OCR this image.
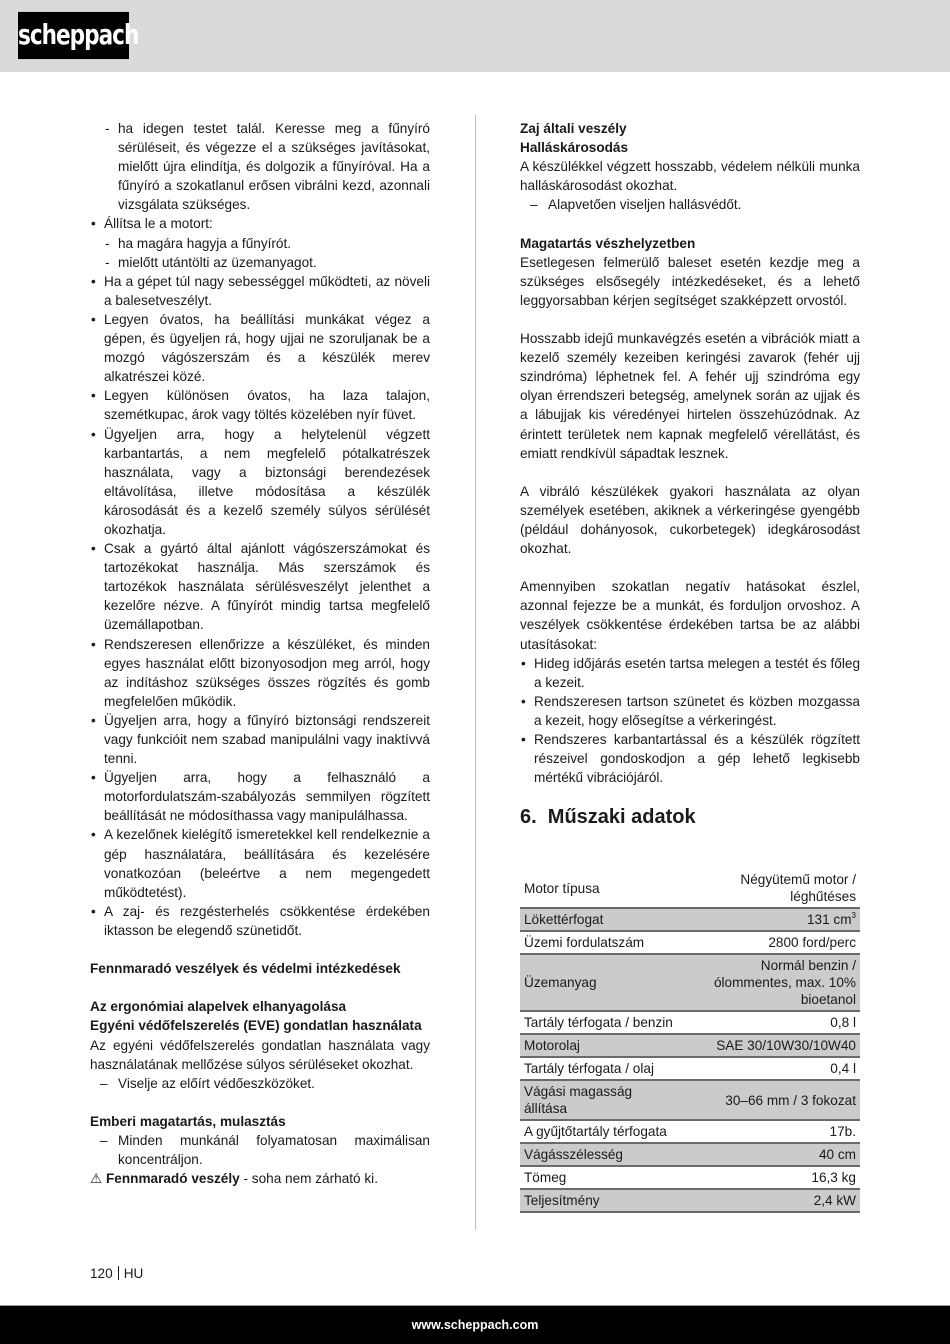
scheppach
- ha idegen testet talál. Keresse meg a fűnyíró sérüléseit, és végezze el a szükséges javításokat, mielőtt újra elindítja, és dolgozik a fűnyíróval. Ha a fűnyíró a szokatlanul erősen vibrálni kezd, azonnali vizsgálata szükséges.
• Állítsa le a motort:
- ha magára hagyja a fűnyírót.
- mielőtt utántölti az üzemanyagot.
• Ha a gépet túl nagy sebességgel működteti, az növeli a balesetveszélyt.
• Legyen óvatos, ha beállítási munkákat végez a gépen, és ügyeljen rá, hogy ujjai ne szoruljanak be a mozgó vágószerszám és a készülék merev alkatrészei közé.
• Legyen különösen óvatos, ha laza talajon, szemétkupac, árok vagy töltés közelében nyír füvet.
• Ügyeljen arra, hogy a helytelenül végzett karbantartás, a nem megfelelő pótalkatrészek használata, vagy a biztonsági berendezések eltávolítása, illetve módosítása a készülék károsodását és a kezelő személy súlyos sérülését okozhatja.
• Csak a gyártó által ajánlott vágószerszámokat és tartozékokat használja. Más szerszámok és tartozékok használata sérülésveszélyt jelenthet a kezelőre nézve. A fűnyírót mindig tartsa megfelelő üzemállapotban.
• Rendszeresen ellenőrizze a készüléket, és minden egyes használat előtt bizonyosodjon meg arról, hogy az indításhoz szükséges összes rögzítés és gomb megfelelően működik.
• Ügyeljen arra, hogy a fűnyíró biztonsági rendszereit vagy funkcióit nem szabad manipulálni vagy inaktívvá tenni.
• Ügyeljen arra, hogy a felhasználó a motorfordulatszám-szabályozás semmilyen rögzített beállítását ne módosíthassa vagy manipulálhassa.
• A kezelőnek kielégítő ismeretekkel kell rendelkeznie a gép használatára, beállítására és kezelésére vonatkozóan (beleértve a nem megengedett működtetést).
• A zaj- és rezgésterhelés csökkentése érdekében iktasson be elegendő szünetidőt.

Fennmaradó veszélyek és védelmi intézkedések

Az ergonómiai alapelvek elhanyagolása

Egyéni védőfelszerelés (EVE) gondatlan használata

Az egyéni védőfelszerelés gondatlan használata vagy használatának mellőzése súlyos sérüléseket okozhat.

– Viselje az előírt védőeszközöket.

Emberi magatartás, mulasztás

– Minden munkánál folyamatosan maximálisan koncentráljon.

⚠ Fennmaradó veszély - soha nem zárható ki.

Zaj általi veszély

Halláskárosodás

A készülékkel végzett hosszabb, védelem nélküli munka halláskárosodást okozhat.

– Alapvetően viseljen hallásvédőt.

Magatartás vészhelyzetben

Esetlegesen felmerülő baleset esetén kezdje meg a szükséges elsősegély intézkedéseket, és a lehető leggyorsabban kérjen segítséget szakképzett orvostól.

Hosszabb idejű munkavégzés esetén a vibrációk miatt a kezelő személy kezeiben keringési zavarok (fehér ujj szindróma) léphetnek fel. A fehér ujj szindróma egy olyan érrendszeri betegség, amelynek során az ujjak és a lábujjak kis véredényei hirtelen összehúzódnak. Az érintett területek nem kapnak megfelelő vérellátást, és emiatt rendkívül sápadtak lesznek.

A vibráló készülékek gyakori használata az olyan személyek esetében, akiknek a vérkeringése gyengébb (például dohányosok, cukorbetegek) idegkárosodást okozhat.

Amennyiben szokatlan negatív hatásokat észlel, azonnal fejezze be a munkát, és forduljon orvoshoz. A veszélyek csökkentése érdekében tartsa be az alábbi utasításokat:

• Hideg időjárás esetén tartsa melegen a testét és főleg a kezeit.
• Rendszeresen tartson szünetet és közben mozgassa a kezeit, hogy elősegítse a vérkeringést.
• Rendszeres karbantartással és a készülék rögzített részeivel gondoskodjon a gép lehető legkisebb mértékű vibrációjáról.
6.  Műszaki adatok
Motor típusa	Négyütemű motor / léghűtéses
Lökettérfogat	131 $cm^3$
Üzemi fordulatszám	2800 ford/perc
Üzemanyag	Normál benzin / ólommentes, max. 10% bioetanol
Tartály térfogata / benzin	0,8 l
Motorolaj	SAE 30/10W30/10W40
Tartály térfogata / olaj	0,4 l
Vágási magasság állítása	30–66 mm / 3 fokozat
A gyűjtőtartály térfogata	17b.
Vágásszélesség	40 cm
Tömeg	16,3 kg
Teljesítmény	2,4 kW
120 HU
www.scheppach.com
